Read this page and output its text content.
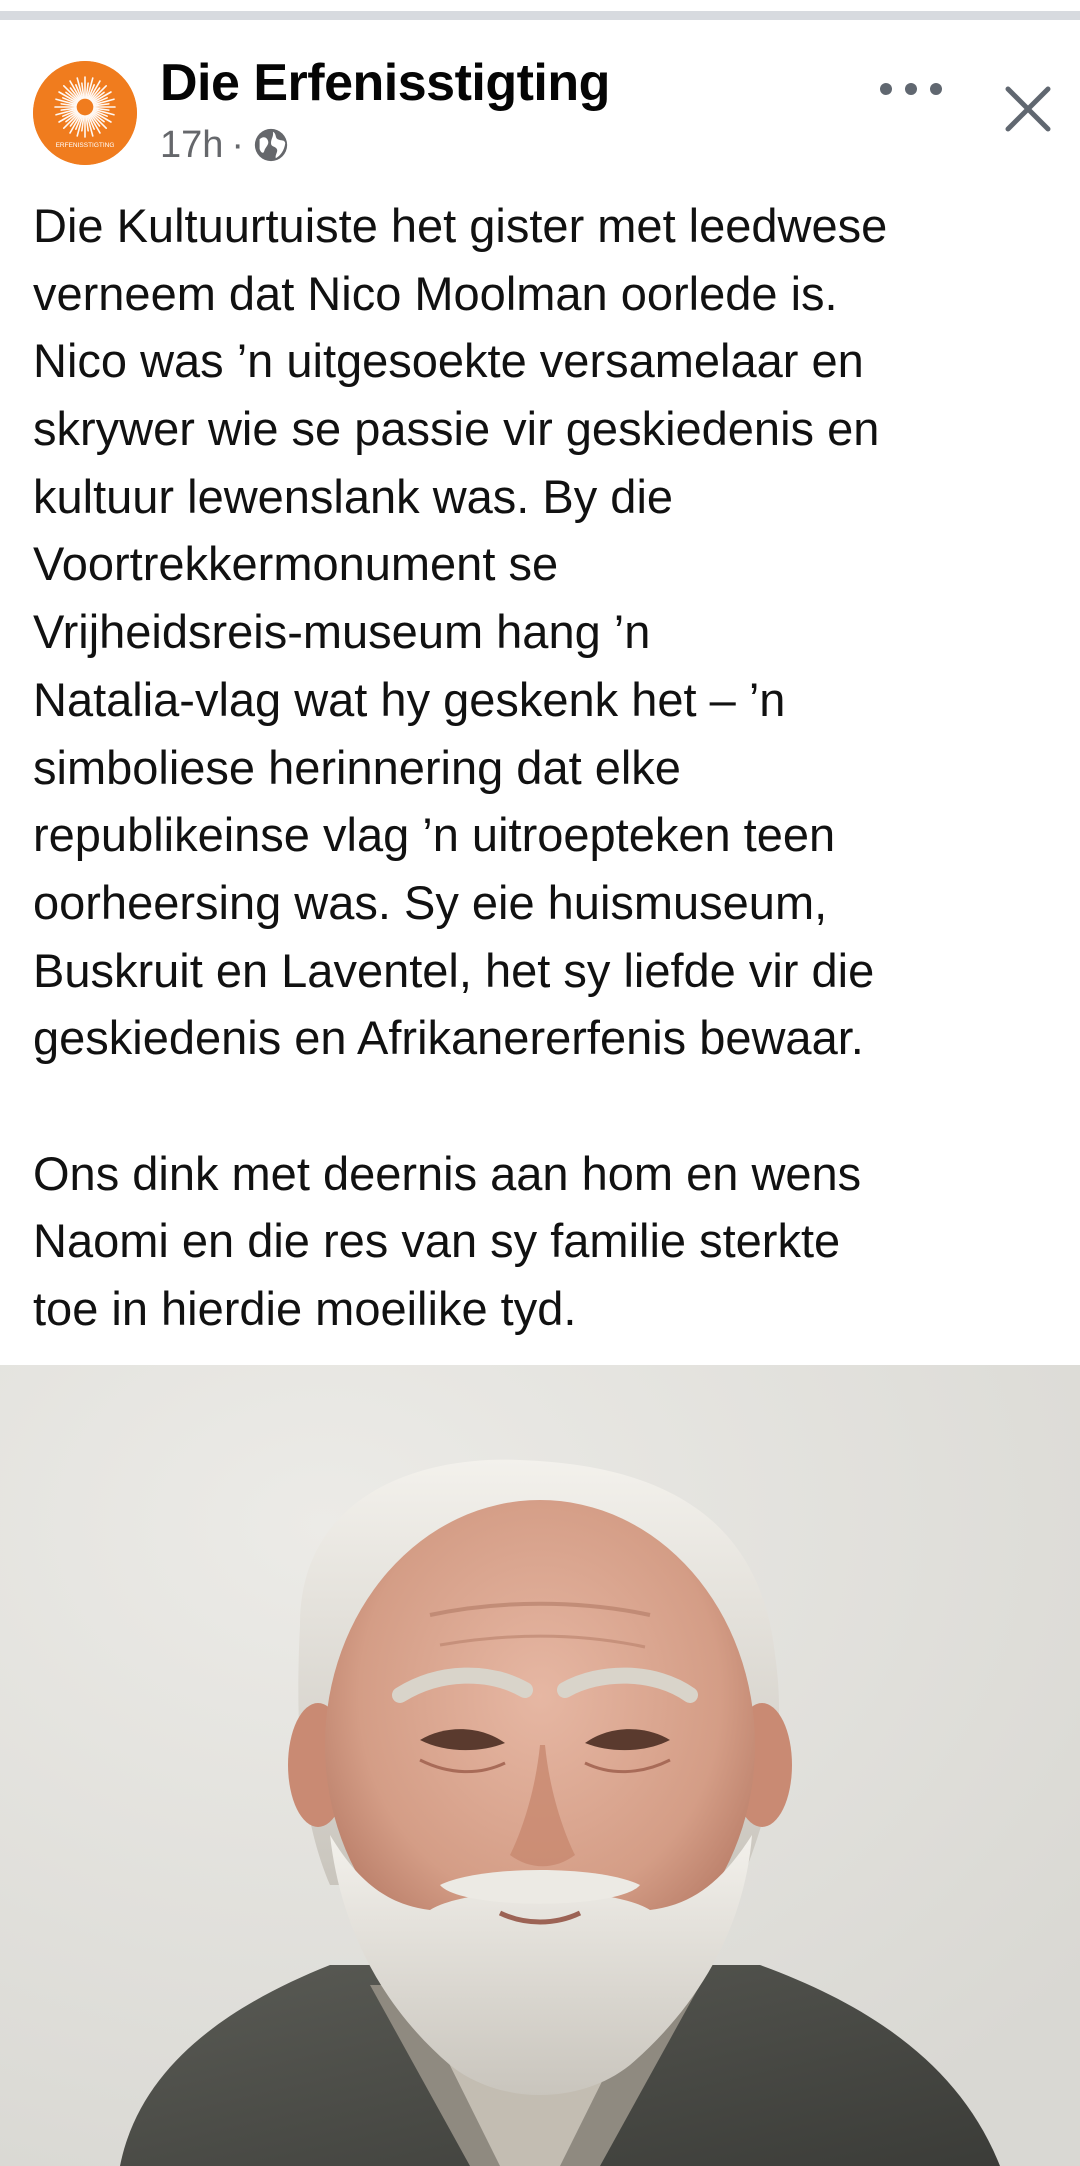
ERFENISSTIGTING
Die Erfenisstigting
17h ·
Die Kultuurtuiste het gister met leedwese
verneem dat Nico Moolman oorlede is.
Nico was ’n uitgesoekte versamelaar en
skrywer wie se passie vir geskiedenis en
kultuur lewenslank was. By die
Voortrekkermonument se
Vrijheidsreis-museum hang ’n
Natalia-vlag wat hy geskenk het – ’n
simboliese herinnering dat elke
republikeinse vlag ’n uitroepteken teen
oorheersing was. Sy eie huismuseum,
Buskruit en Laventel, het sy liefde vir die
geskiedenis en Afrikanererfenis bewaar.
Ons dink met deernis aan hom en wens
Naomi en die res van sy familie sterkte
toe in hierdie moeilike tyd.
